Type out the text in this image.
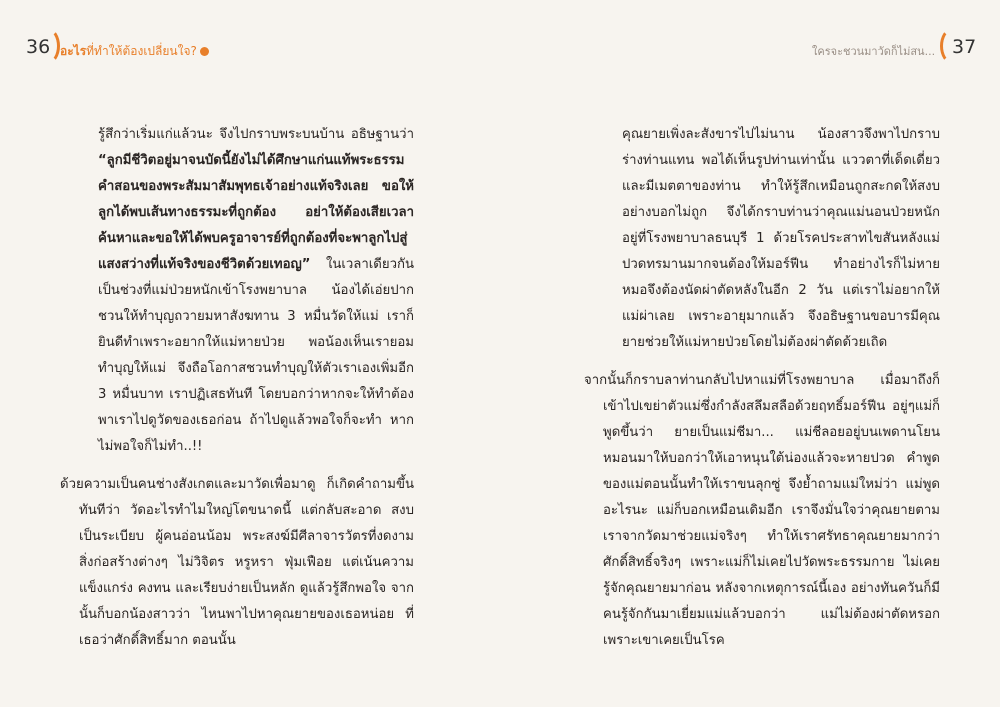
36 อะไรที่ทำให้ต้องเปลี่ยนใจ?	ใครจะชวนมาวัดก็ไม่สน... 37

รู้สึกว่าเริ่มแก่แล้วนะ จึงไปกราบพระบนบ้าน อธิษฐานว่า “ลูกมีชีวิตอยู่มาจนบัดนี้ยังไม่ได้ศึกษาแก่นแท้พระธรรม คำสอนของพระสัมมาสัมพุทธเจ้าอย่างแท้จริงเลย ขอให้ลูกได้พบเส้นทางธรรมะที่ถูกต้อง อย่าให้ต้องเสียเวลาค้นหาและขอให้ได้พบครูอาจารย์ที่ถูกต้องที่จะพาลูกไปสู่แสงสว่างที่แท้จริงของชีวิตด้วยเทอญ” ในเวลาเดียวกันเป็นช่วงที่แม่ป่วยหนักเข้าโรงพยาบาล น้องได้เอ่ยปากชวนให้ทำบุญถวายมหาสังฆทาน 3 หมื่นวัดให้แม่ เราก็ยินดีทำเพราะอยากให้แม่หายป่วย พอน้องเห็นเรายอมทำบุญให้แม่ จึงถือโอกาสชวนทำบุญให้ตัวเราเองเพิ่มอีก 3 หมื่นบาท เราปฏิเสธทันที โดยบอกว่าหากจะให้ทำต้องพาเราไปดูวัดของเธอก่อน ถ้าไปดูแล้วพอใจก็จะทำ หากไม่พอใจก็ไม่ทำ..!!

ด้วยความเป็นคนช่างสังเกตและมาวัดเพื่อมาดู ก็เกิดคำถามขึ้นทันทีว่า วัดอะไรทำไมใหญ่โตขนาดนี้ แต่กลับสะอาด สงบ เป็นระเบียบ ผู้คนอ่อนน้อม พระสงฆ์มีศีลาจารวัตรที่งดงาม สิ่งก่อสร้างต่างๆ ไม่วิจิตร หรูหรา ฟุ่มเฟือย แต่เน้นความแข็งแกร่ง คงทน และเรียบง่ายเป็นหลัก ดูแล้วรู้สึกพอใจ จากนั้นก็บอกน้องสาวว่า ไหนพาไปหาคุณยายของเธอหน่อย ที่เธอว่าศักดิ์สิทธิ์มาก ตอนนั้น

คุณยายเพิ่งละสังขารไปไม่นาน น้องสาวจึงพาไปกราบร่างท่านแทน พอได้เห็นรูปท่านเท่านั้น แววตาที่เด็ดเดี่ยวและมีเมตตาของท่าน ทำให้รู้สึกเหมือนถูกสะกดให้สงบอย่างบอกไม่ถูก จึงได้กราบท่านว่าคุณแม่นอนป่วยหนักอยู่ที่โรงพยาบาลธนบุรี 1 ด้วยโรคประสาทไขสันหลังแม่ปวดทรมานมากจนต้องให้มอร์ฟีน ทำอย่างไรก็ไม่หายหมอจึงต้องนัดผ่าตัดหลังในอีก 2 วัน แต่เราไม่อยากให้แม่ผ่าเลย เพราะอายุมากแล้ว จึงอธิษฐานขอบารมีคุณยายช่วยให้แม่หายป่วยโดยไม่ต้องผ่าตัดด้วยเถิด

จากนั้นก็กราบลาท่านกลับไปหาแม่ที่โรงพยาบาล เมื่อมาถึงก็เข้าไปเขย่าตัวแม่ซึ่งกำลังสลึมสลือด้วยฤทธิ์มอร์ฟีน อยู่ๆแม่ก็พูดขึ้นว่า ยายเป็นแม่ชีมา... แม่ชีลอยอยู่บนเพดานโยนหมอนมาให้บอกว่าให้เอาหนุนใต้น่องแล้วจะหายปวด คำพูดของแม่ตอนนั้นทำให้เราขนลุกซู่ จึงย้ำถามแม่ใหม่ว่า แม่พูดอะไรนะ แม่ก็บอกเหมือนเดิมอีก เราจึงมั่นใจว่าคุณยายตามเราจากวัดมาช่วยแม่จริงๆ ทำให้เราศรัทธาคุณยายมากว่าศักดิ์สิทธิ์จริงๆ เพราะแม่ก็ไม่เคยไปวัดพระธรรมกาย ไม่เคยรู้จักคุณยายมาก่อน หลังจากเหตุการณ์นี้เอง อย่างทันควันก็มีคนรู้จักกันมาเยี่ยมแม่แล้วบอกว่า แม่ไม่ต้องผ่าตัดหรอก เพราะเขาเคยเป็นโรค
